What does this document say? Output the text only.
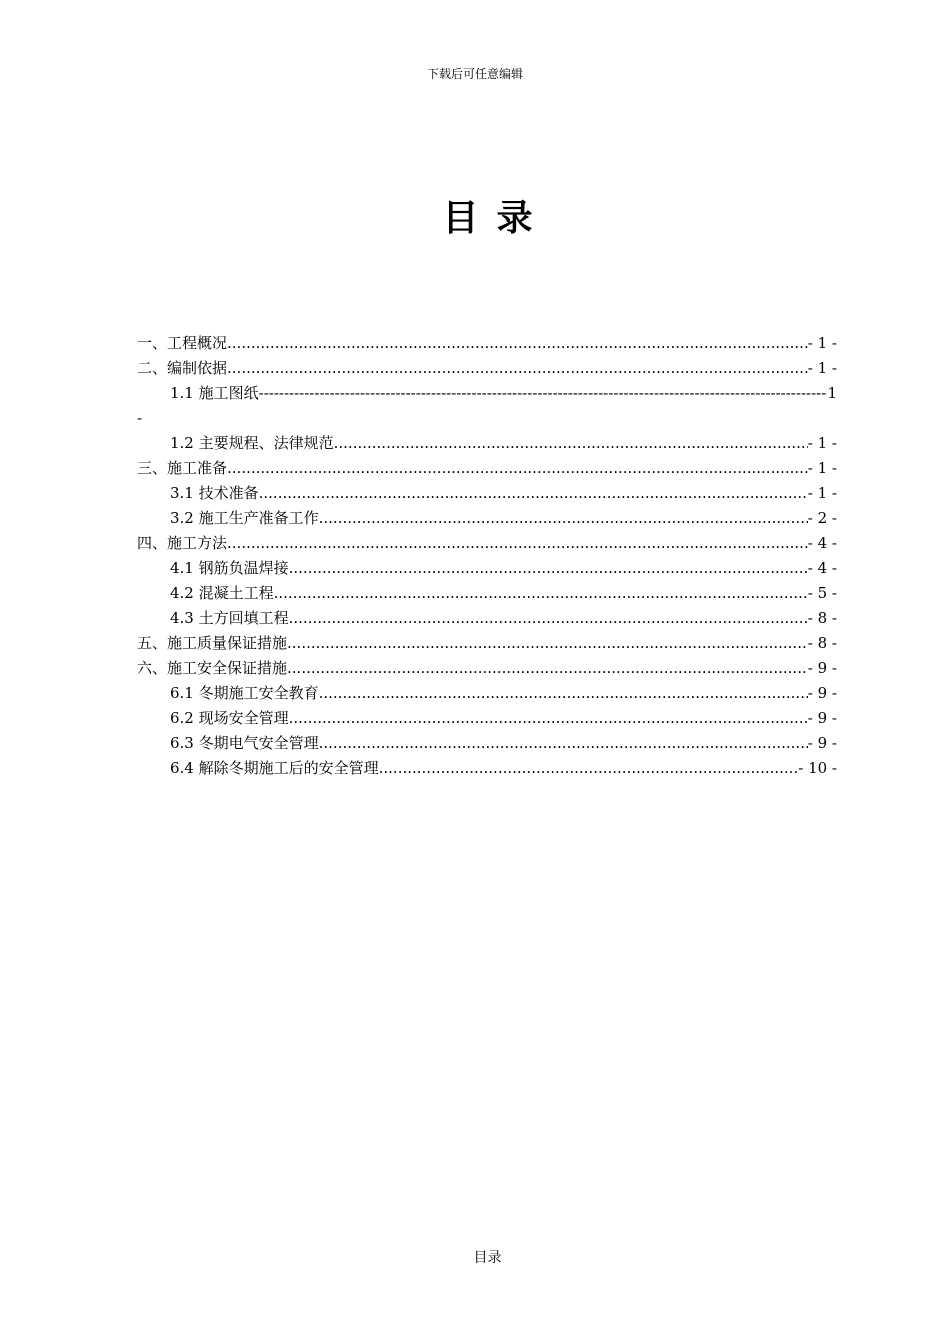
下载后可任意编辑
目录
一、工程概况 .....	- 1 -
二、编制依据 .....	- 1 -
1.1 施工图纸 -----	1
-
1.2 主要规程、法律规范 .....	- 1 -
三、施工准备 .....	- 1 -
3.1 技术准备 .....	- 1 -
3.2 施工生产准备工作 .....	- 2 -
四、施工方法 .....	- 4 -
4.1 钢筋负温焊接 .....	- 4 -
4.2 混凝土工程 .....	- 5 -
4.3 土方回填工程 .....	- 8 -
五、施工质量保证措施 .....	- 8 -
六、施工安全保证措施 .....	- 9 -
6.1 冬期施工安全教育 .....	- 9 -
6.2 现场安全管理 .....	- 9 -
6.3 冬期电气安全管理 .....	- 9 -
6.4 解除冬期施工后的安全管理 .....	- 10 -
目录
